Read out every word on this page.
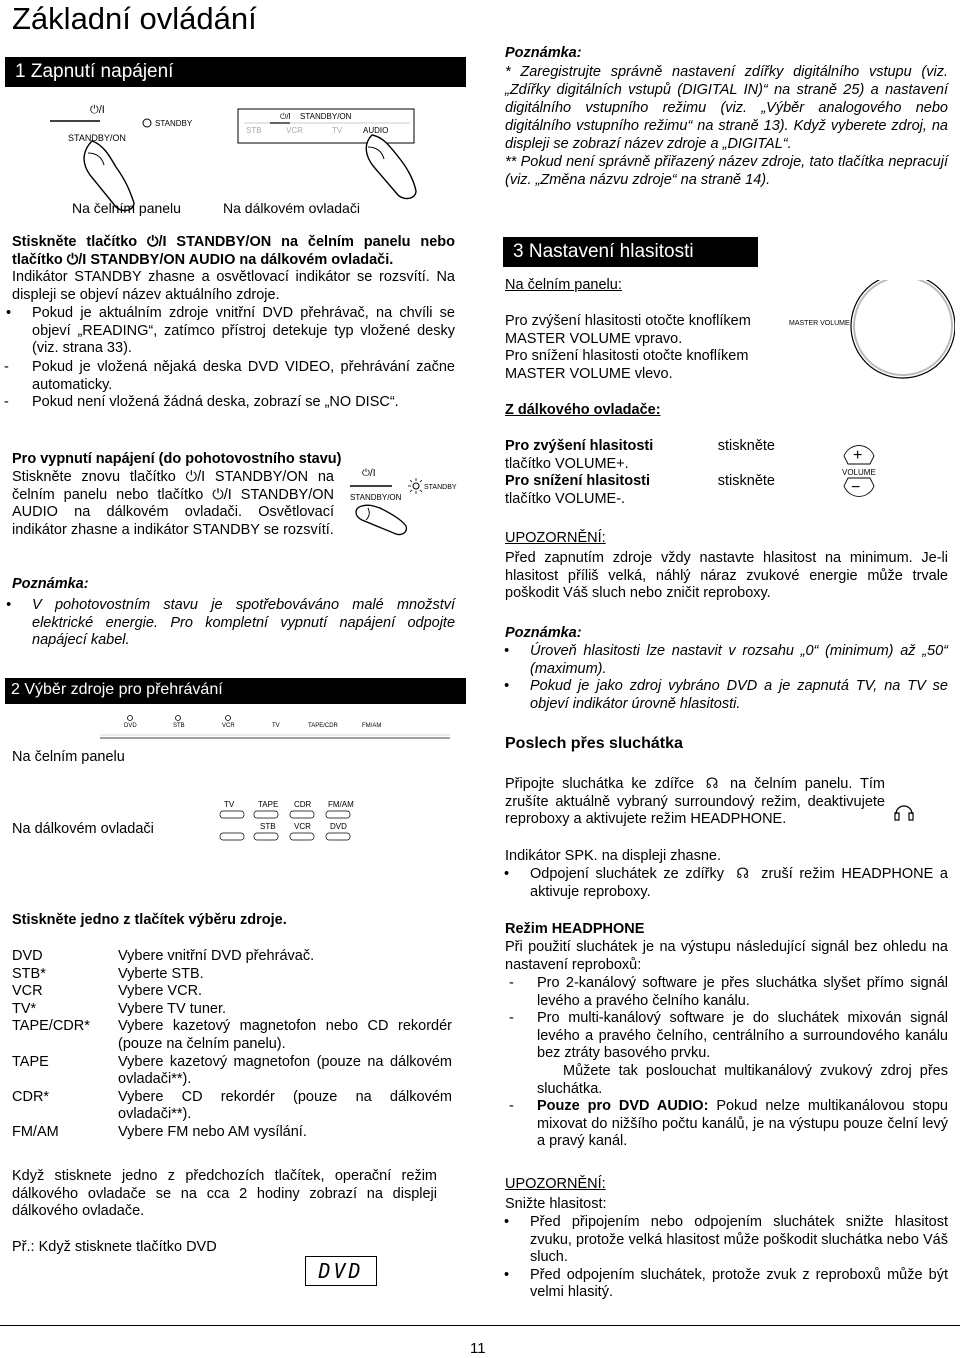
Základní ovládání
1 Zapnutí napájení
⏻/I
STANDBY/ON
STANDBY
Na čelním panelu
⏻/I STANDBY/ON
STB	VCR	TV	AUDIO
Na dálkovém ovladači

Stiskněte tlačítko ⏻/I STANDBY/ON na čelním panelu nebo tlačítko ⏻/I STANDBY/ON AUDIO na dálkovém ovladači.

Indikátor STANDBY zhasne a osvětlovací indikátor se rozsvítí. Na displeji se objeví název aktuálního zdroje.

• Pokud je aktuálním zdroje vnitřní DVD přehrávač, na chvíli se objeví „READING“, zatímco přístroj detekuje typ vložené desky (viz. strana 33).
- Pokud je vložená nějaká deska DVD VIDEO, přehrávání začne automaticky.
- Pokud není vložená žádná deska, zobrazí se „NO DISC“.
Pro vypnutí napájení (do pohotovostního stavu)
Stiskněte znovu tlačítko ⏻/I STANDBY/ON na čelním panelu nebo tlačítko ⏻/I STANDBY/ON AUDIO na dálkovém ovladači. Osvětlovací indikátor zhasne a indikátor STANDBY se rozsvítí.
⏻/I
STANDBY/ON
STANDBY
Poznámka:
• V pohotovostním stavu je spotřebováváno malé množství elektrické energie. Pro kompletní vypnutí napájení odpojte napájecí kabel.
2 Výběr zdroje pro přehrávání
Na čelním panelu
DVD	STB	VCR	TV	TAPE/CDR	FM/AM
Na dálkovém ovladači
TV	TAPE CDR FM/AM
STB VCR DVD
Stiskněte jedno z tlačítek výběru zdroje.
DVD	Vybere vnitřní DVD přehrávač.
STB*	Vyberte STB.
VCR	Vybere VCR.
TV*	Vybere TV tuner.
TAPE/CDR*	Vybere kazetový magnetofon nebo CD rekordér (pouze na čelním panelu).
TAPE	Vybere kazetový magnetofon (pouze na dálkovém ovladači**).
CDR*	Vybere CD rekordér (pouze na dálkovém ovladači**).
FM/AM	Vybere FM nebo AM vysílání.
Když stisknete jedno z předchozích tlačítek, operační režim dálkového ovladače se na cca 2 hodiny zobrazí na displeji dálkového ovladače.
Př.: Když stisknete tlačítko DVD
DVD
Poznámka:

* Zaregistrujte správně nastavení zdířky digitálního vstupu (viz. „Zdířky digitálních vstupů (DIGITAL IN)“ na straně 25) a nastavení digitálního vstupního režimu (viz. „Výběr analogového nebo digitálního vstupního režimu“ na straně 13). Když vyberete zdroj, na displeji se zobrazí název zdroje a „DIGITAL“.

** Pokud není správně přiřazený název zdroje, tato tlačítka nepracují (viz. „Změna názvu zdroje“ na straně 14).

3 Nastavení hlasitosti
Na čelním panelu:
Pro zvýšení hlasitosti otočte knoflíkem MASTER VOLUME vpravo.
Pro snížení hlasitosti otočte knoflíkem MASTER VOLUME vlevo.
MASTER VOLUME
Z dálkového ovladače:
Pro zvýšení hlasitosti	stiskněte
tlačítko VOLUME+.
Pro snížení hlasitosti	stiskněte
tlačítko VOLUME-.
+
VOLUME
−
UPOZORNĚNÍ:
Před zapnutím zdroje vždy nastavte hlasitost na minimum. Je-li hlasitost příliš velká, náhlý náraz zvukové energie může trvale poškodit Váš sluch nebo zničit reproboxy.
Poznámka:
• Úroveň hlasitosti lze nastavit v rozsahu „0“ (minimum) až „50“ (maximum).
• Pokud je jako zdroj vybráno DVD a je zapnutá TV, na TV se objeví indikátor úrovně hlasitosti.
Poslech přes sluchátka
Připojte sluchátka ke zdířce ☊ na čelním panelu. Tím zrušíte aktuálně vybraný surroundový režim, deaktivujete reproboxy a aktivujete režim HEADPHONE.
Indikátor SPK. na displeji zhasne.
• Odpojení sluchátek ze zdířky ☊ zruší režim HEADPHONE a aktivuje reproboxy.
Režim HEADPHONE
Při použití sluchátek je na výstupu následující signál bez ohledu na nastavení reproboxů:
- Pro 2-kanálový software je přes sluchátka slyšet přímo signál levého a pravého čelního kanálu.
- Pro multi-kanálový software je do sluchátek mixován signál levého a pravého čelního, centrálního a surroundového kanálu bez ztráty basového prvku.
Můžete tak poslouchat multikanálový zvukový zdroj přes sluchátka.
- Pouze pro DVD AUDIO: Pokud nelze multikanálovou stopu mixovat do nižšího počtu kanálů, je na výstupu pouze čelní levý a pravý kanál.
UPOZORNĚNÍ:
Snižte hlasitost:
• Před připojením nebo odpojením sluchátek snižte hlasitost zvuku, protože velká hlasitost může poškodit sluchátka nebo Váš sluch.
• Před odpojením sluchátek, protože zvuk z reproboxů může být velmi hlasitý.
11
